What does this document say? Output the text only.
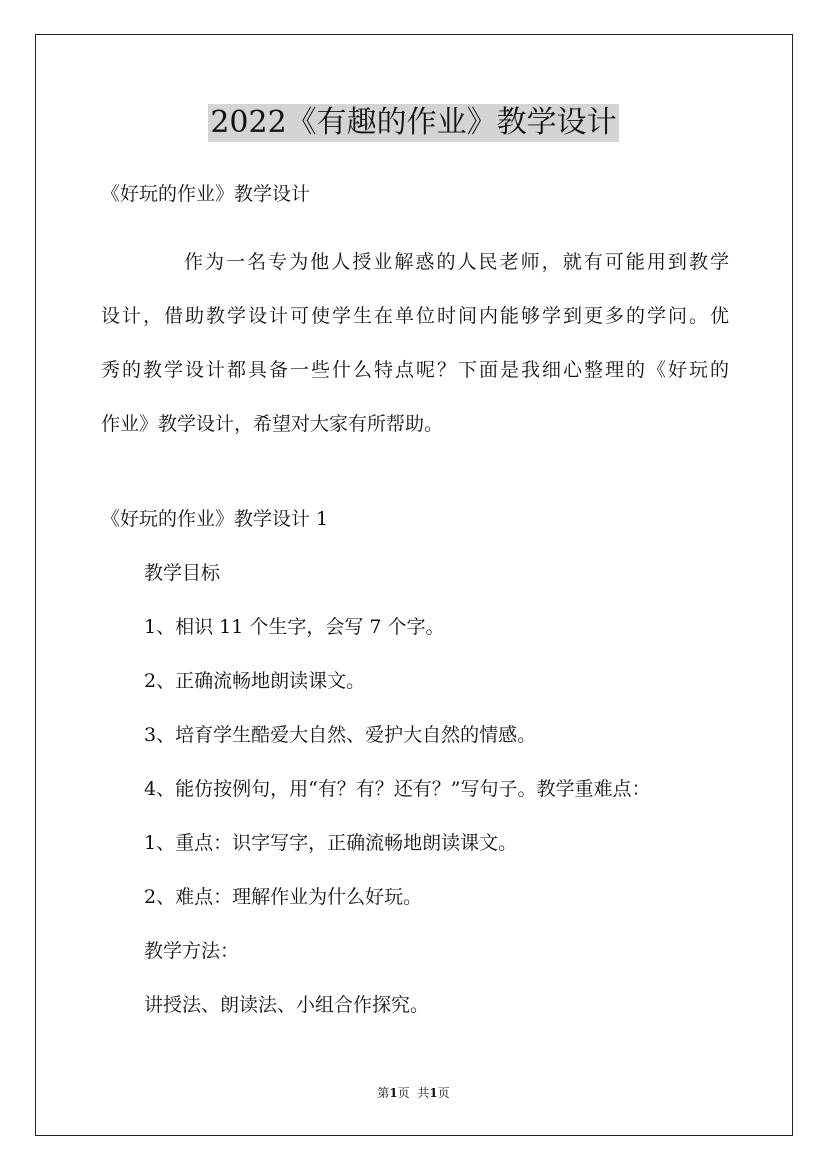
2022《有趣的作业》教学设计
《好玩的作业》教学设计
作为一名专为他人授业解惑的人民老师，就有可能用到教学
设计，借助教学设计可使学生在单位时间内能够学到更多的学问。优
秀的教学设计都具备一些什么特点呢？下面是我细心整理的《好玩的
作业》教学设计，希望对大家有所帮助。
《好玩的作业》教学设计 1
教学目标
1、相识 11 个生字，会写 7 个字。
2、正确流畅地朗读课文。
3、培育学生酷爱大自然、爱护大自然的情感。
4、能仿按例句，用“有？有？还有？”写句子。教学重难点：
1、重点：识字写字，正确流畅地朗读课文。
2、难点：理解作业为什么好玩。
教学方法：
讲授法、朗读法、小组合作探究。
第1页  共1页
